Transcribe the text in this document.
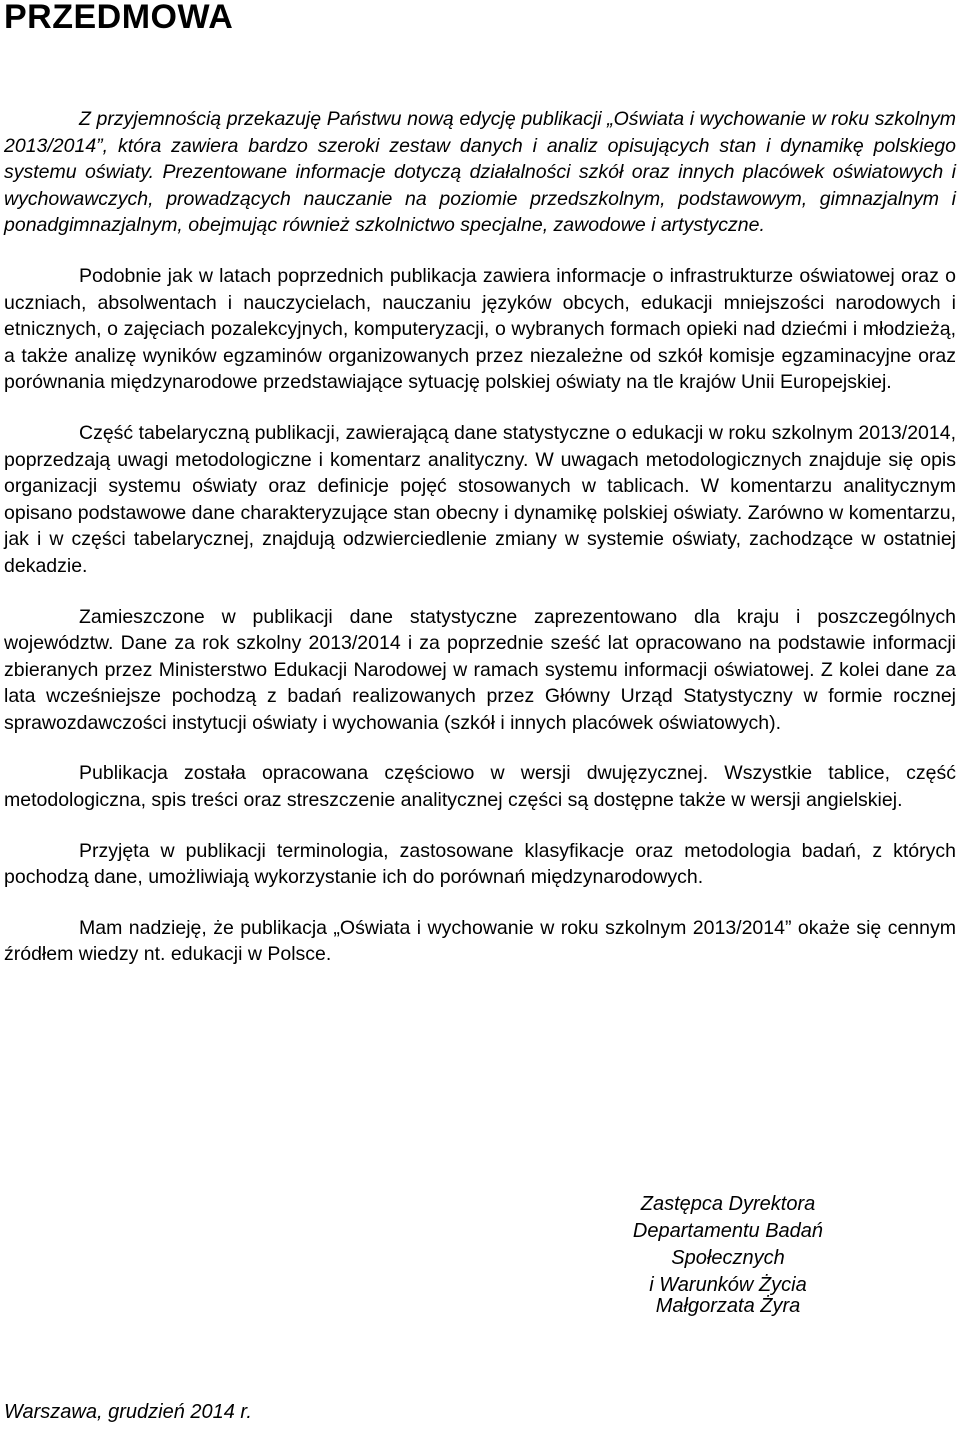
PRZEDMOWA

Z przyjemnością przekazuję Państwu nową edycję publikacji „Oświata i wychowanie w roku szkolnym 2013/2014”, która zawiera bardzo szeroki zestaw danych i analiz opisujących stan i dynamikę polskiego systemu oświaty. Prezentowane informacje dotyczą działalności szkół oraz innych placówek oświatowych i wychowawczych, prowadzących nauczanie na poziomie przedszkolnym, podstawowym, gimnazjalnym i ponadgimnazjalnym, obejmując również szkolnictwo specjalne, zawodowe i artystyczne.

Podobnie jak w latach poprzednich publikacja zawiera informacje o infrastrukturze oświatowej oraz o uczniach, absolwentach i nauczycielach, nauczaniu języków obcych, edukacji mniejszości narodowych i etnicznych, o zajęciach pozalekcyjnych, komputeryzacji, o wybranych formach opieki nad dziećmi i młodzieżą, a także analizę wyników egzaminów organizowanych przez niezależne od szkół komisje egzaminacyjne oraz porównania międzynarodowe przedstawiające sytuację polskiej oświaty na tle krajów Unii Europejskiej.

Część tabelaryczną publikacji, zawierającą dane statystyczne o edukacji w roku szkolnym 2013/2014, poprzedzają uwagi metodologiczne i komentarz analityczny. W uwagach metodologicznych znajduje się opis organizacji systemu oświaty oraz definicje pojęć stosowanych w tablicach. W komentarzu analitycznym opisano podstawowe dane charakteryzujące stan obecny i dynamikę polskiej oświaty. Zarówno w komentarzu, jak i w części tabelarycznej, znajdują odzwierciedlenie zmiany w systemie oświaty, zachodzące w ostatniej dekadzie.

Zamieszczone w publikacji dane statystyczne zaprezentowano dla kraju i poszczególnych województw. Dane za rok szkolny 2013/2014 i za poprzednie sześć lat opracowano na podstawie informacji zbieranych przez Ministerstwo Edukacji Narodowej w ramach systemu informacji oświatowej. Z kolei dane za lata wcześniejsze pochodzą z badań realizowanych przez Główny Urząd Statystyczny w formie rocznej sprawozdawczości instytucji oświaty i wychowania (szkół i innych placówek oświatowych).

Publikacja została opracowana częściowo w wersji dwujęzycznej. Wszystkie tablice, część metodologiczna, spis treści oraz streszczenie analitycznej części są dostępne także w wersji angielskiej.

Przyjęta w publikacji terminologia, zastosowane klasyfikacje oraz metodologia badań, z których pochodzą dane, umożliwiają wykorzystanie ich do porównań międzynarodowych.

Mam nadzieję, że publikacja „Oświata i wychowanie w roku szkolnym 2013/2014” okaże się cennym źródłem wiedzy nt. edukacji w Polsce.

Zastępca Dyrektora
Departamentu Badań Społecznych
i Warunków Życia
Małgorzata Żyra
Warszawa, grudzień 2014 r.
